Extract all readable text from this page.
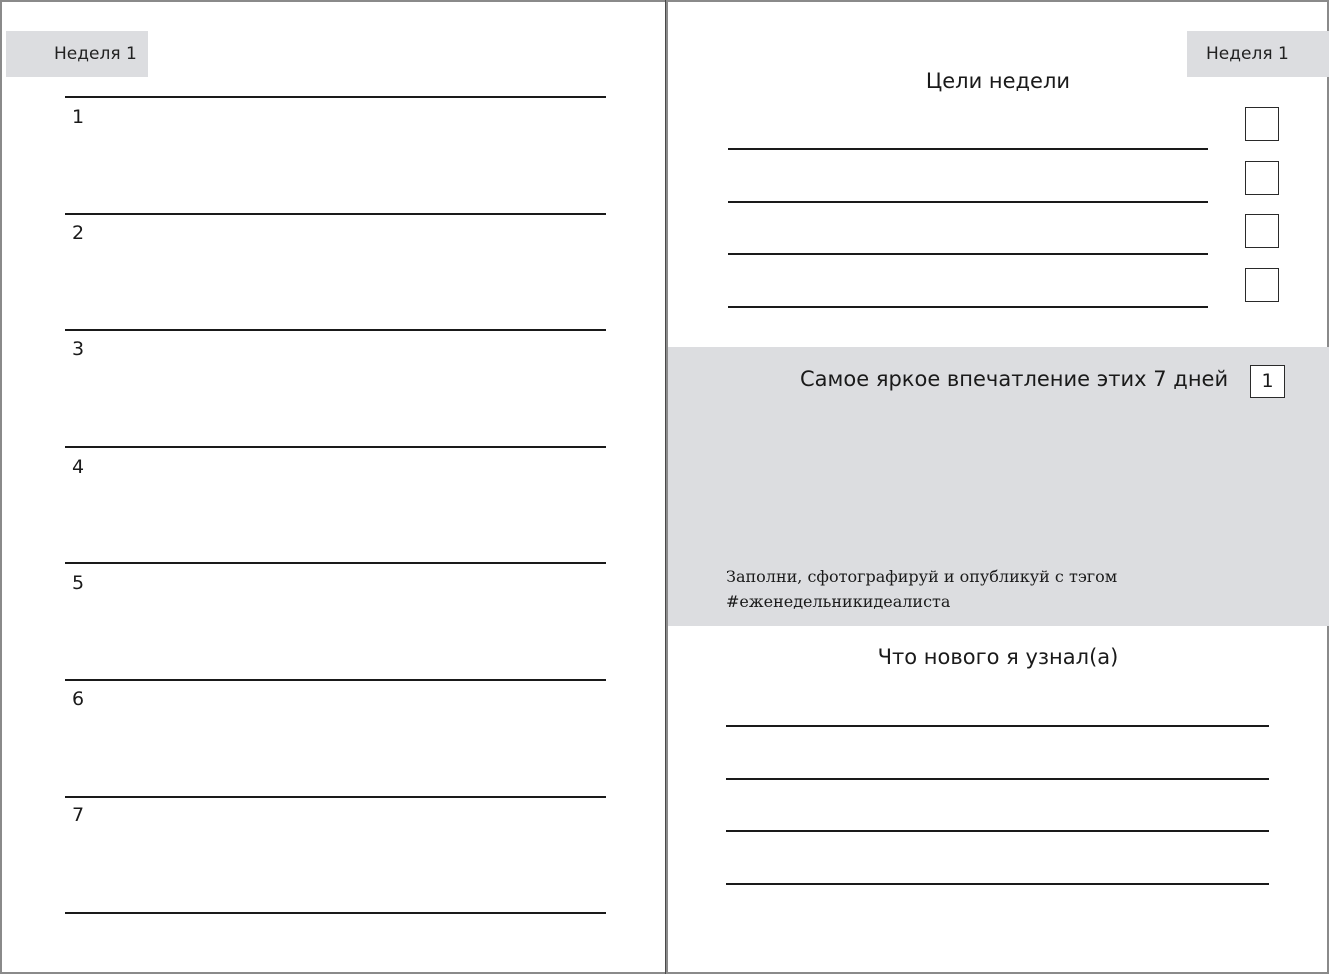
Неделя 1
1
2
3
4
5
6
7
Неделя 1
Цели недели
Самое яркое впечатление этих 7 дней	1
Заполни, сфотографируй и опубликуй с тэгом
#еженедельникидеалиста
Что нового я узнал(а)
